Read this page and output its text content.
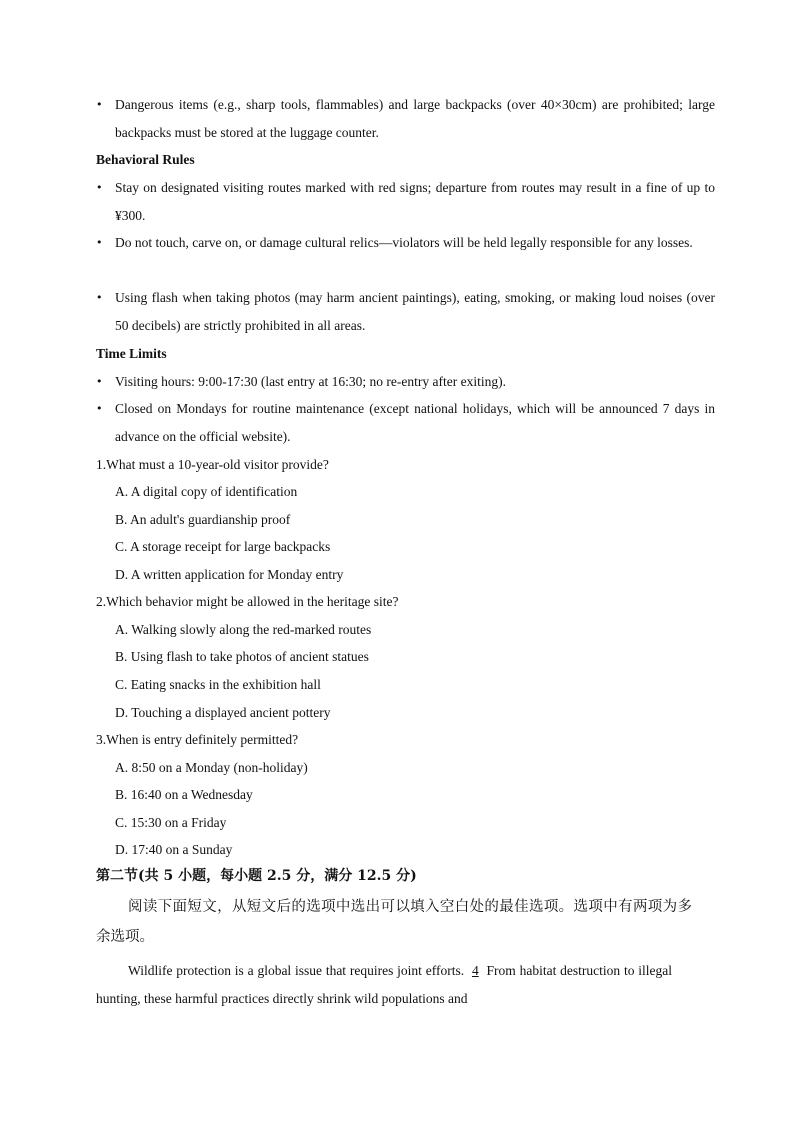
• Dangerous items (e.g., sharp tools, flammables) and large backpacks (over 40×30cm) are prohibited; large backpacks must be stored at the luggage counter.
Behavioral Rules
• Stay on designated visiting routes marked with red signs; departure from routes may result in a fine of up to ¥300.
• Do not touch, carve on, or damage cultural relics—violators will be held legally responsible for any losses.
• Using flash when taking photos (may harm ancient paintings), eating, smoking, or making loud noises (over 50 decibels) are strictly prohibited in all areas.
Time Limits
• Visiting hours: 9:00-17:30 (last entry at 16:30; no re-entry after exiting).
• Closed on Mondays for routine maintenance (except national holidays, which will be announced 7 days in advance on the official website).
1.What must a 10-year-old visitor provide?
A. A digital copy of identification
B. An adult's guardianship proof
C. A storage receipt for large backpacks
D. A written application for Monday entry
2.Which behavior might be allowed in the heritage site?
A. Walking slowly along the red-marked routes
B. Using flash to take photos of ancient statues
C. Eating snacks in the exhibition hall
D. Touching a displayed ancient pottery
3.When is entry definitely permitted?
A. 8:50 on a Monday (non-holiday)
B. 16:40 on a Wednesday
C. 15:30 on a Friday
D. 17:40 on a Sunday
第二节(共 5 小题，每小题 2.5 分，满分 12.5 分)
阅读下面短文，从短文后的选项中选出可以填入空白处的最佳选项。选项中有两项为多余选项。
Wildlife protection is a global issue that requires joint efforts. 4 From habitat destruction to illegal hunting, these harmful practices directly shrink wild populations and
